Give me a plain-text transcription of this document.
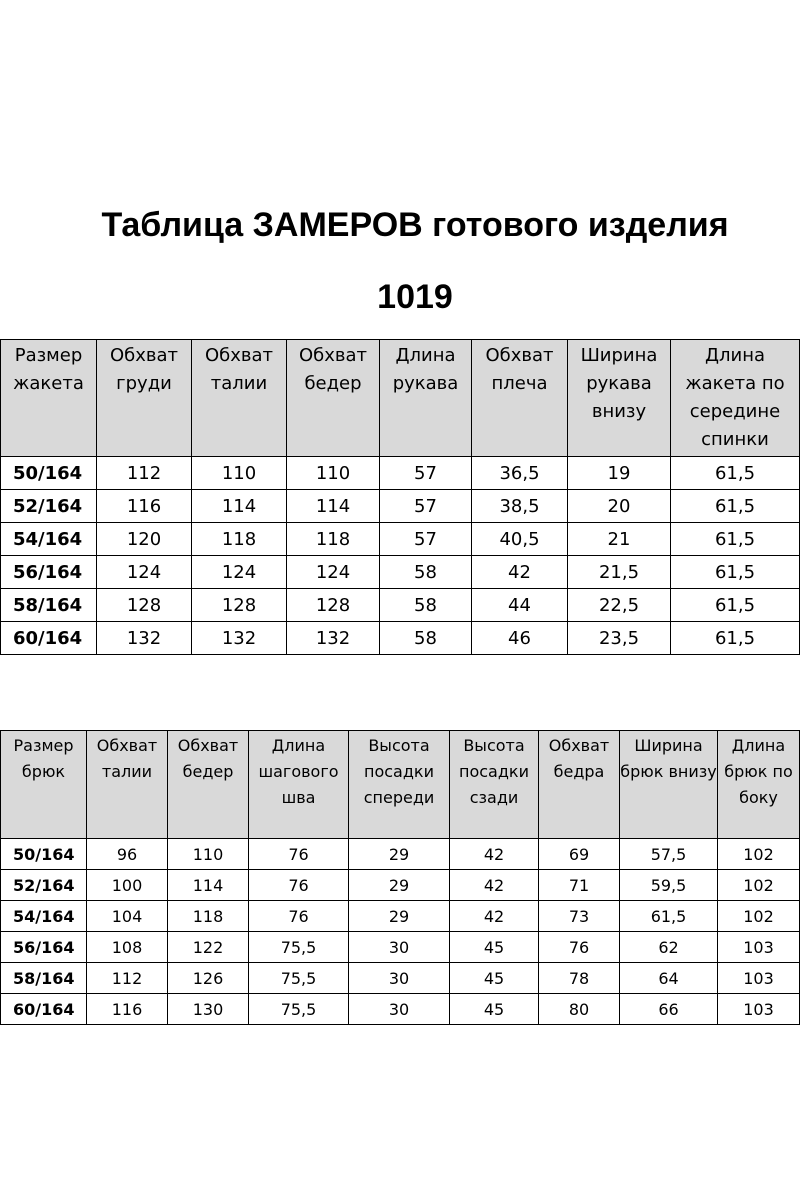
Таблица ЗАМЕРОВ готового изделия
1019
Размер жакета	Обхват груди	Обхват талии	Обхват бедер	Длина рукава	Обхват плеча	Ширина рукава внизу	Длина жакета по середине спинки
50/164	112	110	110	57	36,5	19	61,5
52/164	116	114	114	57	38,5	20	61,5
54/164	120	118	118	57	40,5	21	61,5
56/164	124	124	124	58	42	21,5	61,5
58/164	128	128	128	58	44	22,5	61,5
60/164	132	132	132	58	46	23,5	61,5
Размер брюк	Обхват талии	Обхват бедер	Длина шагового шва	Высота посадки спереди	Высота посадки сзади	Обхват бедра	Ширина брюк внизу	Длина брюк по боку
50/164	96	110	76	29	42	69	57,5	102
52/164	100	114	76	29	42	71	59,5	102
54/164	104	118	76	29	42	73	61,5	102
56/164	108	122	75,5	30	45	76	62	103
58/164	112	126	75,5	30	45	78	64	103
60/164	116	130	75,5	30	45	80	66	103
